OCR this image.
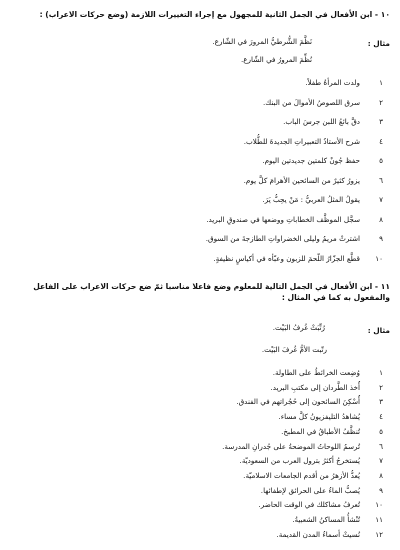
١٠ - ابن الأفعال في الجمل الثانية للمجهول مع إجراء التغييرات اللازمة (وضع حركات الاعراب) :
مثال :
نَظَّمَ الشُّرطيُّ المرورَ في الشّارع.
نُظِّمَ المرورُ في الشّارع.
١
ولدت المرأةُ طفلاً.
٢
سرق اللصوصُ الأموالَ من البنك.
٣
دقَّ بائعُ اللبن جرسَ الباب.
٤
شرح الأستاذُ التعبيراتِ الجديدةَ للطُّلاب.
٥
حفظ جُونْ كلمتين جديدتين اليوم.
٦
يزورُ كثيرٌ من السائحين الأهرامَ كلَّ يوم.
٧
يقولُ المثلُ العربيُّ : مَنْ يحِبُّ يَرَ.
٨
سجَّل الموظَّف الخطاباتِ ووضعها في صندوقِ البريد.
٩
اشترتْ مريمُ وليلى الخضراواتِ الطازجةَ من السوق.
١٠
قطَّع الجزّارُ اللّحمَ للزبون وعبّأه في أكياسٍ نظيفةٍ.
١١ - ابن الأفعال في الجمل التالية للمعلوم وضع فاعلا مناسبا ثمّ ضع حركات الاعراب على الفاعل والمفعول به كما في المثال :
مثال :
رُتِّبَتْ غُرفُ البَيْت.
رتّبت الأمُّ غُرفَ البَيْت.
١
وُضِعت الخرائطُ على الطاولة.
٢
أُخذ الطَّردان إلى مكتبِ البريد.
٣
أُسْكِنَ السائحون إلى حُجُراتهم في الفندق.
٤
يُشاهدُ التليفزيونُ كلَّ مساء.
٥
تُنظَّفُ الأطباقُ في المطبخ.
٦
تُرسمُ اللوحاتُ الموضحةُ على جُدرانِ المدرسة.
٧
يُستخرجُ أكثرُ بترول العرب من السعوديّة.
٨
يُعدُّ الأزهرُ من أقدم الجامعات الاسلاميّة.
٩
يُصبُّ الماءُ على الحرائق لإطفائها.
١٠
تُعرفُ مشاكلك في الوقت الحاضر.
١١
تُنْشأُ المساكنُ الشعبيةُ.
١٢
نُسيتْ أسماءُ المدن القديمة.
